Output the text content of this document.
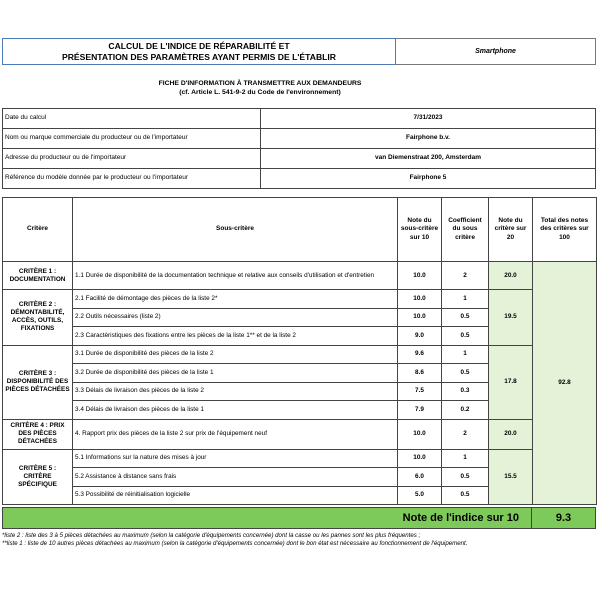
CALCUL DE L'INDICE DE RÉPARABILITÉ ET
PRÉSENTATION DES PARAMÈTRES AYANT PERMIS DE L'ÉTABLIR	Smartphone
FICHE D'INFORMATION À TRANSMETTRE AUX DEMANDEURS
(cf. Article L. 541-9-2 du Code de l'environnement)
Date du calcul	7/31/2023
Nom ou marque commerciale du producteur ou de l'importateur	Fairphone b.v.
Adresse du producteur ou de l'importateur	van Diemenstraat 200, Amsterdam
Référence du modèle donnée par le producteur ou l'importateur	Fairphone 5
Critère	Sous-critère	Note du sous-critère sur 10	Coefficient du sous critère	Note du critère sur 20	Total des notes des critères sur 100
CRITÈRE 1 : DOCUMENTATION	1.1 Durée de disponibilité de la documentation technique et relative aux conseils d'utilisation et d'entretien	10.0	2	20.0	92.8
CRITÈRE 2 : DÉMONTABILITÉ, ACCÈS, OUTILS, FIXATIONS	2.1 Facilité de démontage des pièces de la liste 2*	10.0	1	19.5	
	2.2 Outils nécessaires (liste 2)	10.0	0.5		
	2.3 Caractéristiques des fixations entre les pièces de la liste 1** et de la liste 2	9.0	0.5		
CRITÈRE 3 : DISPONIBILITÉ DES PIÈCES DÉTACHÉES	3.1 Durée de disponibilité des pièces de la liste 2	9.6	1	17.8	
	3.2 Durée de disponibilité des pièces de la liste 1	8.6	0.5		
	3.3 Délais de livraison des pièces de la liste 2	7.5	0.3		
	3.4 Délais de livraison des pièces de la liste 1	7.9	0.2		
CRITÈRE 4 : PRIX DES PIÈCES DÉTACHÉES	4. Rapport prix des pièces de la liste 2 sur prix de l'équipement neuf	10.0	2	20.0	
CRITÈRE 5 : CRITÈRE SPÉCIFIQUE	5.1 Informations sur la nature des mises à jour	10.0	1	15.5	
	5.2 Assistance à distance sans frais	6.0	0.5		
	5.3 Possibilité de réinitialisation logicielle	5.0	0.5		
Note de l'indice sur 10	9.3
*liste 2 : liste des 3 à 5 pièces détachées au maximum (selon la catégorie d'équipements concernée) dont la casse ou les pannes sont les plus fréquentes ;
**liste 1 : liste de 10 autres pièces détachées au maximum (selon la catégorie d'équipements concernée) dont le bon état est nécessaire au fonctionnement de l'équipement.
